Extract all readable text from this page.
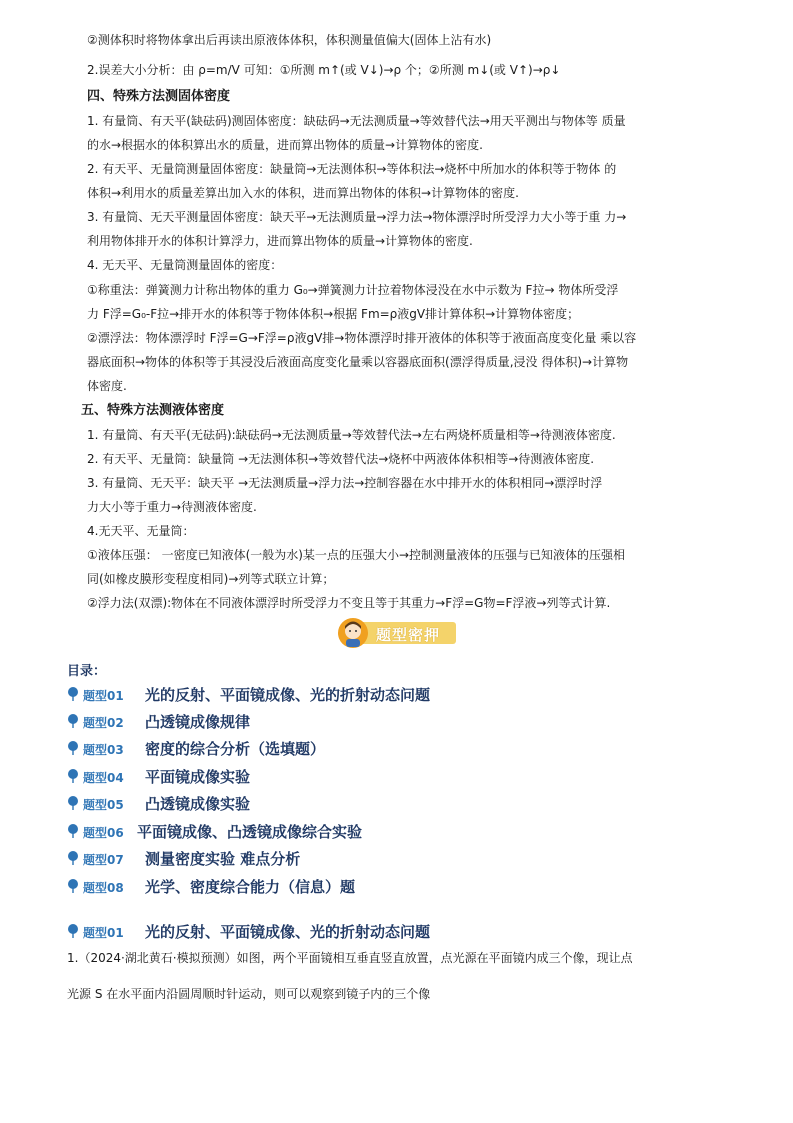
②测体积时将物体拿出后再读出原液体体积，体积测量值偏大(固体上沾有水)
2.误差大小分析：由 ρ=m/V 可知：①所测 m↑(或 V↓)→ρ 个；②所测 m↓(或 V↑)→ρ↓
四、特殊方法测固体密度
1. 有量筒、有天平(缺砝码)测固体密度：缺砝码→无法测质量→等效替代法→用天平测出与物体等 质量
的水→根据水的体积算出水的质量，进而算出物体的质量→计算物体的密度.
2. 有天平、无量筒测量固体密度：缺量筒→无法测体积→等体积法→烧杯中所加水的体积等于物体 的
体积→利用水的质量差算出加入水的体积，进而算出物体的体积→计算物体的密度.
3. 有量筒、无天平测量固体密度：缺天平→无法测质量→浮力法→物体漂浮时所受浮力大小等于重 力→
利用物体排开水的体积计算浮力，进而算出物体的质量→计算物体的密度.
4. 无天平、无量筒测量固体的密度：
①称重法：弹簧测力计称出物体的重力 G₀→弹簧测力计拉着物体浸没在水中示数为 F拉→ 物体所受浮
力 F浮=G₀-F拉→排开水的体积等于物体体积→根据 Fm=ρ液gV排计算体积→计算物体密度；
②漂浮法：物体漂浮时 F浮=G→F浮=ρ液gV排→物体漂浮时排开液体的体积等于液面高度变化量 乘以容
器底面积→物体的体积等于其浸没后液面高度变化量乘以容器底面积(漂浮得质量,浸没 得体积)→计算物
体密度.
五、特殊方法测液体密度
1. 有量筒、有天平(无砝码):缺砝码→无法测质量→等效替代法→左右两烧杯质量相等→待测液体密度.
2. 有天平、无量筒：缺量筒 →无法测体积→等效替代法→烧杯中两液体体积相等→待测液体密度.
3. 有量筒、无天平：缺天平 →无法测质量→浮力法→控制容器在水中排开水的体积相同→漂浮时浮
力大小等于重力→待测液体密度.
4.无天平、无量筒：
①液体压强： 一密度已知液体(一般为水)某一点的压强大小→控制测量液体的压强与已知液体的压强相
同(如橡皮膜形变程度相同)→列等式联立计算；
②浮力法(双漂):物体在不同液体漂浮时所受浮力不变且等于其重力→F浮=G物=F浮液→列等式计算.
题型密押
目录：
题型01 光的反射、平面镜成像、光的折射动态问题
题型02 凸透镜成像规律
题型03 密度的综合分析（选填题）
题型04 平面镜成像实验
题型05 凸透镜成像实验
题型06 平面镜成像、凸透镜成像综合实验
题型07 测量密度实验 难点分析
题型08 光学、密度综合能力（信息）题
题型01 光的反射、平面镜成像、光的折射动态问题
1.（2024·湖北黄石·模拟预测）如图，两个平面镜相互垂直竖直放置，点光源在平面镜内成三个像，现让点
光源 S 在水平面内沿圆周顺时针运动，则可以观察到镜子内的三个像
